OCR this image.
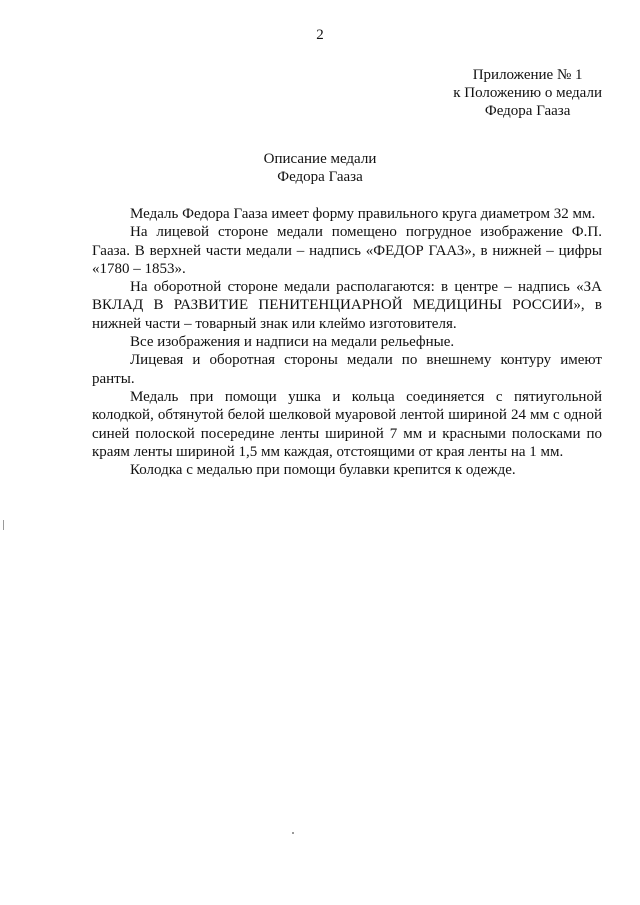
2
Приложение № 1
к Положению о медали
Федора Гааза
Описание медали
Федора Гааза

Медаль Федора Гааза имеет форму правильного круга диаметром 32 мм.

На лицевой стороне медали помещено погрудное изображение Ф.П. Гааза. В верхней части медали – надпись «ФЕДОР ГААЗ», в нижней – цифры «1780 – 1853».

На оборотной стороне медали располагаются: в центре – надпись «ЗА ВКЛАД В РАЗВИТИЕ ПЕНИТЕНЦИАРНОЙ МЕДИЦИНЫ РОССИИ», в нижней части – товарный знак или клеймо изготовителя.

Все изображения и надписи на медали рельефные.

Лицевая и оборотная стороны медали по внешнему контуру имеют ранты.

Медаль при помощи ушка и кольца соединяется с пятиугольной колодкой, обтянутой белой шелковой муаровой лентой шириной 24 мм с одной синей полоской посередине ленты шириной 7 мм и красными полосками по краям ленты шириной 1,5 мм каждая, отстоящими от края ленты на 1 мм.

Колодка с медалью при помощи булавки крепится к одежде.
